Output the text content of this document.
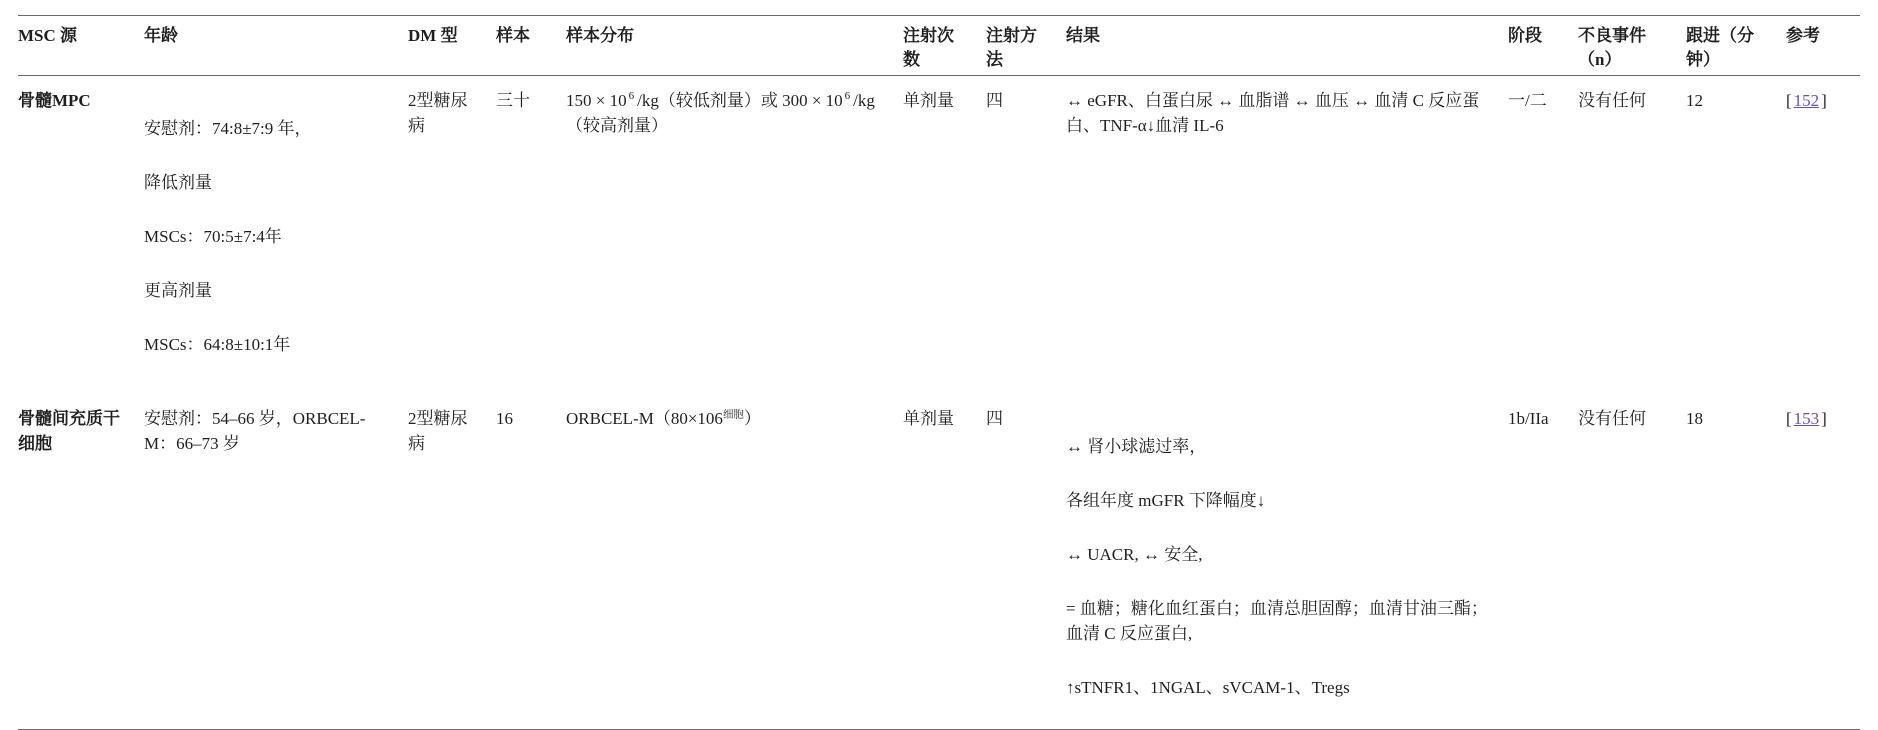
MSC 源	年龄	DM 型	样本	样本分布	注射次数	注射方法	结果	阶段	不良事件（n）	跟进（分钟）	参考
骨髓MPC	安慰剂：74:8±7:9 年，

降低剂量

MSCs：70:5±7:4年

更高剂量

MSCs：64:8±10:1年	2型糖尿病	三十	150 × 10 $^6$ /kg（较低剂量）或 300 × 10 $^6$ /kg（较高剂量）	单剂量	四	↔ eGFR、白蛋白尿 ↔ 血脂谱 ↔ 血压 ↔ 血清 C 反应蛋白、TNF-α↓血清 IL-6	一/二	没有任何	12	[ 152 ]

骨髓间充质干细胞	安慰剂：54–66 岁，ORBCEL-M：66–73 岁	2型糖尿病	16	ORBCEL-$M(80\times 106^{细胞})$	单剂量	四	↔ 肾小球滤过率，

各组年度 mGFR 下降幅度↓

↔ UACR, ↔ 安全,

= 血糖；糖化血红蛋白；血清总胆固醇；血清甘油三酯；血清 C 反应蛋白,

↑sTNFR1、1NGAL、sVCAM-1、Tregs	1b/IIa	没有任何	18	[ 153 ]
